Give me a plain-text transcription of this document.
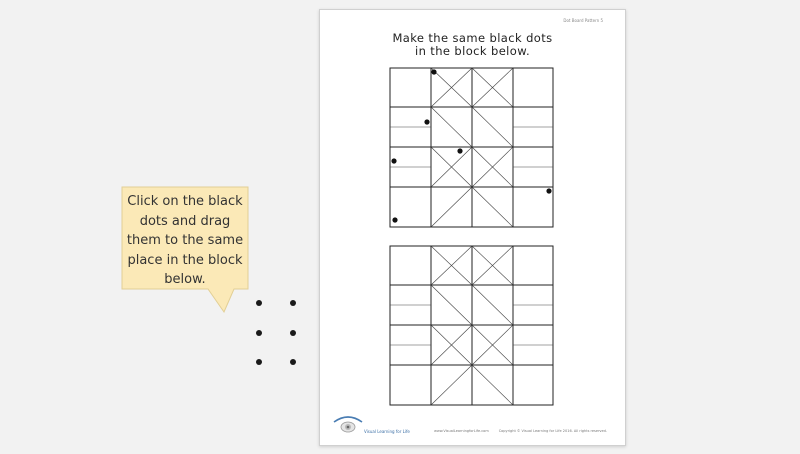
Dot Board Pattern 5
Make the same black dots
in the block below.
Visual Learning for Life	www.VisualLearningforLife.com	Copyright © Visual Learning for Life 2016. All rights reserved.
Click on the black dots and drag them to the same place in the block below.
